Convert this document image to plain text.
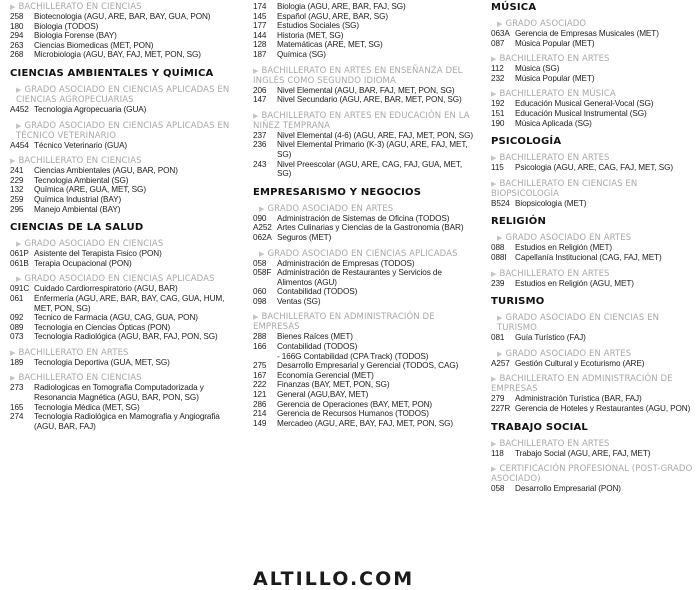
▶ BACHILLERATO EN CIENCIAS
258	Biotecnologia (AGU, ARE, BAR, BAY, GUA, PON)
180	Biologia (TODOS)
294	Biologia Forense (BAY)
263	Ciencias Biomedicas (MET, PON)
268	Microbiologia (AGU, BAY, FAJ, MET, PON, SG)
CIENCIAS AMBIENTALES Y QUÍMICA
▶ GRADO ASOCIADO EN CIENCIAS APLICADAS EN CIENCIAS AGROPECUARIAS
A452 Tecnologia Agropecuaria (GUA)
▶ GRADO ASOCIADO EN CIENCIAS APLICADAS EN TÉCNICO VETERINARIO
A454 Técnico Veterinario (GUA)
▶ BACHILLERATO EN CIENCIAS
241	Ciencias Ambientales (AGU, BAR, PON)
229	Tecnologia Ambiental (SG)
132	Química (ARE, GUA, MET, SG)
259	Química Industrial (BAY)
295	Manejo Ambiental (BAY)
CIENCIAS DE LA SALUD
▶ GRADO ASOCIADO EN CIENCIAS
061P Asistente del Terapista Fisico (PON)
061B Terapia Ocupacional (PON)
▶ GRADO ASOCIADO EN CIENCIAS APLICADAS
091C Cuidado Cardiorrespiratorio (AGU, BAR)
061	Enfermería (AGU, ARE, BAR, BAY, CAG, GUA, HUM, MET, PON, SG)
092	Tecnico de Farmacia (AGU, CAG, GUA, PON)
089	Tecnologia en Ciencias Ópticas (PON)
073	Tecnologia Radiológica (AGU, BAR, FAJ, PON, SG)
▶ BACHILLERATO EN ARTES
189	Tecnologia Deportiva (GUA, MET, SG)
▶ BACHILLERATO EN CIENCIAS
273	Radiologicas en Tomografia Computadorizada y Resonancia Magnética (AGU, BAR, PON, SG)
165	Tecnologia Médica (MET, SG)
274	Tecnologia Radiológica en Mamografia y Angiografia (AGU, BAR, FAJ)
174	Biologia (AGU, ARE, BAR, FAJ, SG)
145	Español (AGU, ARE, BAR, SG)
177	Estudios Sociales (SG)
144	Historia (MET, SG)
128	Matemáticas (ARE, MET, SG)
187	Química (SG)
▶ BACHILLERATO EN ARTES EN ENSEÑANZA DEL INGLÉS COMO SEGUNDO IDIOMA
206	Nivel Elemental (AGU, BAR, FAJ, MET, PON, SG)
147	Nivel Secundario (AGU, ARE, BAR, MET, PON, SG)
▶ BACHILLERATO EN ARTES EN EDUCACIÓN EN LA NIÑEZ TEMPRANA
237	Nivel Elemental (4-6) (AGU, ARE, FAJ, MET, PON, SG)
236	Nivel Elemental Primario (K-3) (AGU, ARE, FAJ, MET, SG)
243	Nivel Preescolar (AGU, ARE, CAG, FAJ, GUA, MET, SG)
EMPRESARISMO Y NEGOCIOS
▶ GRADO ASOCIADO EN ARTES
090	Administración de Sistemas de Oficina (TODOS)
A252 Artes Culinarias y Ciencias de la Gastronomia (BAR)
062A Seguros (MET)
▶ GRADO ASOCIADO EN CIENCIAS APLICADAS
058	Administración de Empresas (TODOS)
058F Administración de Restaurantes y Servicios de Alimentos (AGU)
060	Contabilidad (TODOS)
098	Ventas (SG)
▶ BACHILLERATO EN ADMINISTRACIÓN DE EMPRESAS
288	Bienes Raíces (MET)
166	Contabilidad (TODOS)
- 166G Contabilidad (CPA Track) (TODOS)
275	Desarrollo Empresarial y Gerencial (TODOS, CAG)
167	Economía Gerencial (MET)
222	Finanzas (BAY, MET, PON, SG)
121	General (AGU,BAY, MET)
286	Gerencia de Operaciones (BAY, MET, PON)
214	Gerencia de Recursos Humanos (TODOS)
149	Mercadeo (AGU, ARE, BAY, FAJ, MET, PON, SG)
MÚSICA
▶ GRADO ASOCIADO
063A Gerencia de Empresas Musicales (MET)
087	Música Popular (MET)
▶ BACHILLERATO EN ARTES
112	Música (SG)
232	Música Popular (MET)
▶ BACHILLERATO EN MÚSICA
192	Educación Musical General-Vocal (SG)
151	Educación Musical Instrumental (SG)
190	Música Aplicada (SG)
PSICOLOGÍA
▶ BACHILLERATO EN ARTES
115	Psicologia (AGU, ARE, CAG, FAJ, MET, SG)
▶ BACHILLERATO EN CIENCIAS EN BIOPSICOLOGÍA
B524 Biopsicologia (MET)
RELIGIÓN
▶ GRADO ASOCIADO EN ARTES
088	Estudios en Religión (MET)
088I	Capellanía Institucional (CAG, FAJ, MET)
▶ BACHILLERATO EN ARTES
239	Estudios en Religión (AGU, MET)
TURISMO
▶ GRADO ASOCIADO EN CIENCIAS EN TURISMO
081	Guía Turístico (FAJ)
▶ GRADO ASOCIADO EN ARTES
A257 Gestión Cultural y Ecoturismo (ARE)
▶ BACHILLERATO EN ADMINISTRACIÓN DE EMPRESAS
279	Administración Turística (BAR, FAJ)
227R Gerencia de Hoteles y Restaurantes (AGU, PON)
TRABAJO SOCIAL
▶ BACHILLERATO EN ARTES
118	Trabajo Social (AGU, ARE, FAJ, MET)
▶ CERTIFICACIÓN PROFESIONAL (POST-GRADO ASOCIADO)
058	Desarrollo Empresarial (PON)
ALTILLO.COM
